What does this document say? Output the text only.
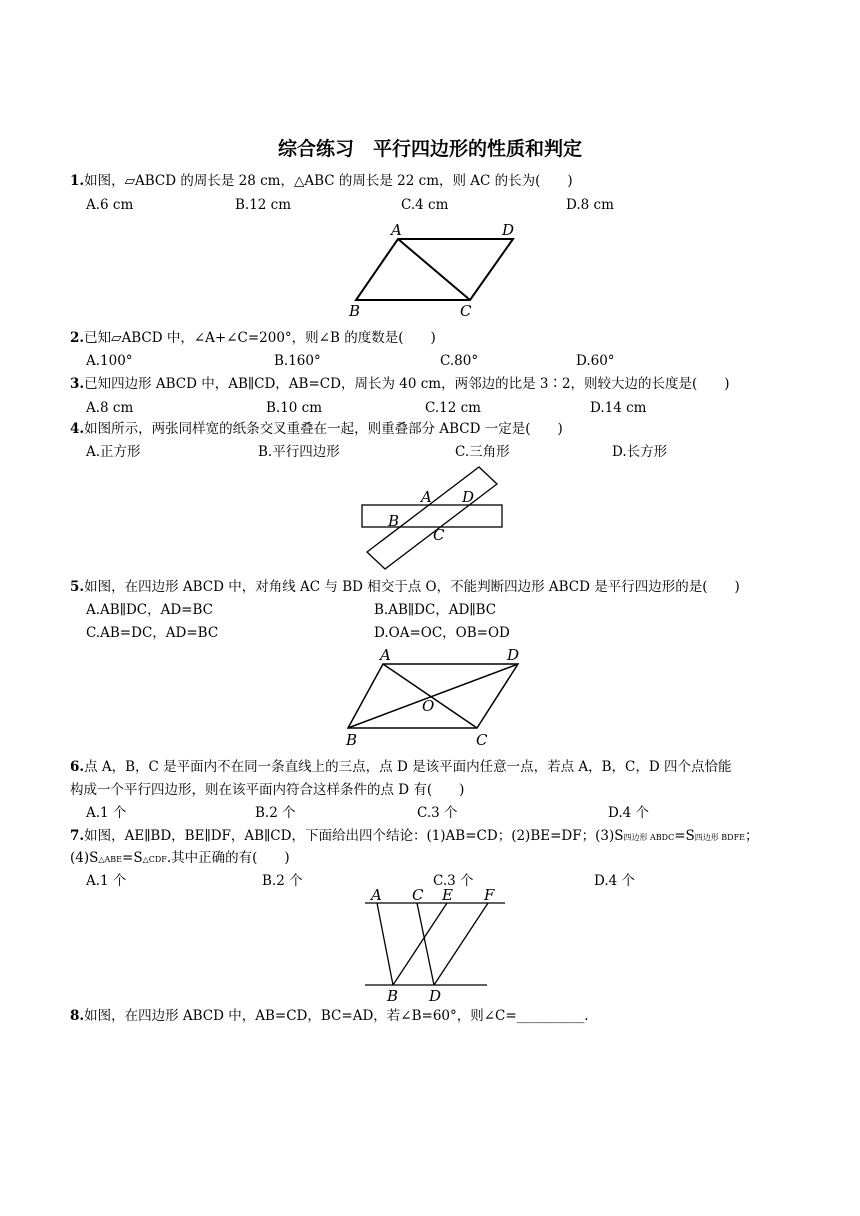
综合练习　平行四边形的性质和判定
1.如图，▱ABCD 的周长是 28 cm，△ABC 的周长是 22 cm，则 AC 的长为(　　)
A.6 cm	B.12 cm	C.4 cm	D.8 cm
A	D
B	C
2.已知▱ABCD 中，∠A+∠C=200°，则∠B 的度数是(　　)
A.100°	B.160°	C.80°	D.60°
3.已知四边形 ABCD 中，AB∥CD，AB=CD，周长为 40 cm，两邻边的比是 3∶2，则较大边的长度是(　　)
A.8 cm	B.10 cm	C.12 cm	D.14 cm
4.如图所示，两张同样宽的纸条交叉重叠在一起，则重叠部分 ABCD 一定是(　　)
A.正方形	B.平行四边形	C.三角形	D.长方形
A D
B
C
5.如图，在四边形 ABCD 中，对角线 AC 与 BD 相交于点 O，不能判断四边形 ABCD 是平行四边形的是(　　)
A.AB∥DC，AD=BC	B.AB∥DC，AD∥BC
C.AB=DC，AD=BC	D.OA=OC，OB=OD
A	D
O
B	C
6.点 A，B，C 是平面内不在同一条直线上的三点，点 D 是该平面内任意一点，若点 A，B，C，D 四个点恰能
构成一个平行四边形，则在该平面内符合这样条件的点 D 有(　　)
A.1 个	B.2 个	C.3 个	D.4 个
7.如图，AE∥BD，BE∥DF，AB∥CD，下面给出四个结论：(1)AB=CD；(2)BE=DF；(3)S四边形 ABDC=S四边形 BDFE；
(4)S△ABE=S△CDF.其中正确的有(　　)
A.1 个	B.2 个	C.3 个	D.4 个
A C E F
B D
8.如图，在四边形 ABCD 中，AB=CD，BC=AD，若∠B=60°，则∠C=__________.
